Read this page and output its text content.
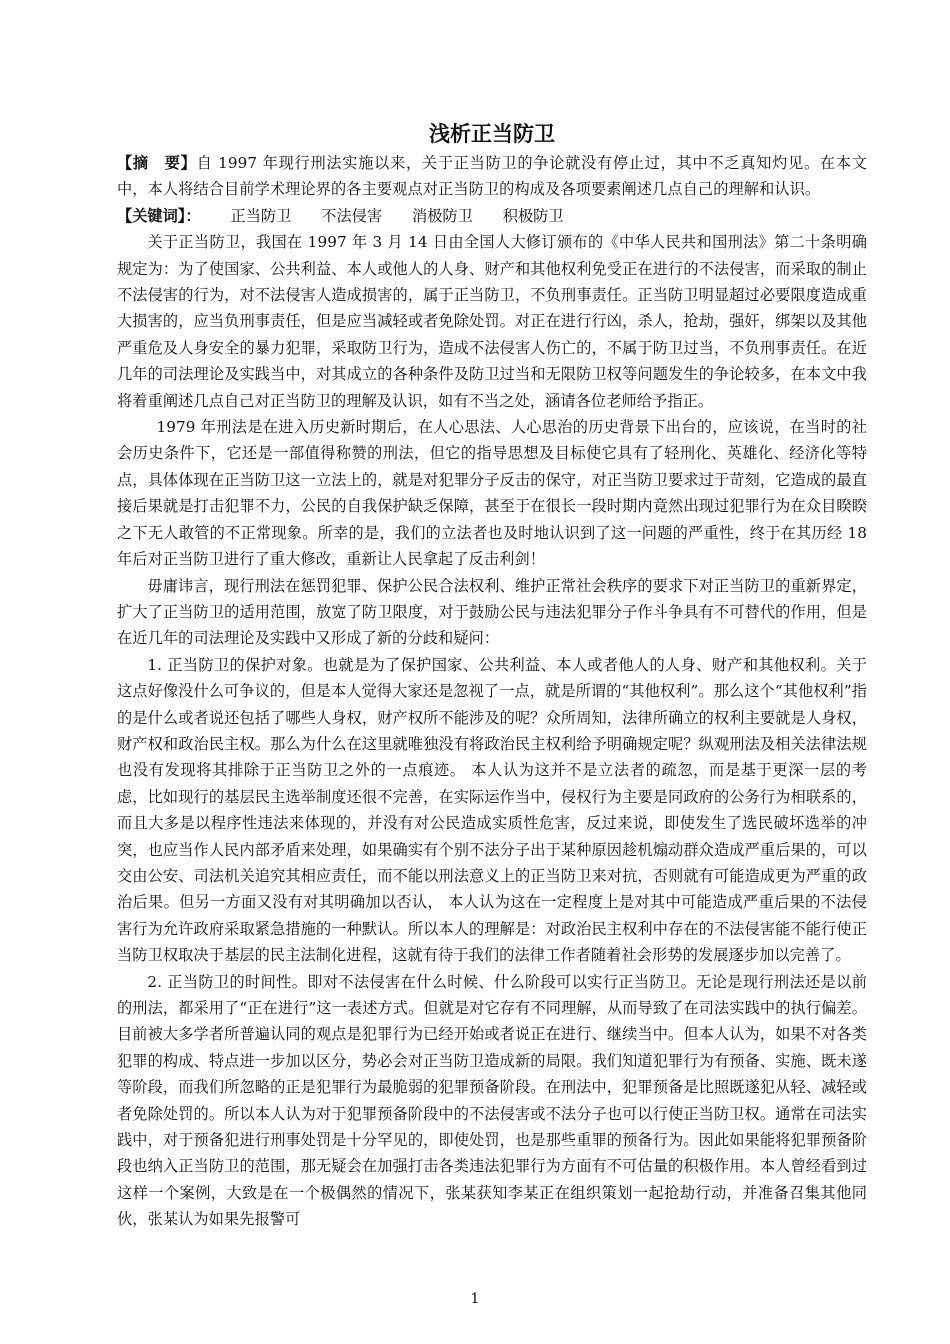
浅析正当防卫

【摘　要】自 1997 年现行刑法实施以来，关于正当防卫的争论就没有停止过，其中不乏真知灼见。在本文中，本人将结合目前学术理论界的各主要观点对正当防卫的构成及各项要素阐述几点自己的理解和认识。

【关键词】： 正当防卫 不法侵害 消极防卫 积极防卫

关于正当防卫，我国在 1997 年 3 月 14 日由全国人大修订颁布的《中华人民共和国刑法》第二十条明确规定为：为了使国家、公共利益、本人或他人的人身、财产和其他权利免受正在进行的不法侵害，而采取的制止不法侵害的行为，对不法侵害人造成损害的，属于正当防卫，不负刑事责任。正当防卫明显超过必要限度造成重大损害的，应当负刑事责任，但是应当减轻或者免除处罚。对正在进行行凶，杀人，抢劫，强奸，绑架以及其他严重危及人身安全的暴力犯罪，采取防卫行为，造成不法侵害人伤亡的，不属于防卫过当，不负刑事责任。在近几年的司法理论及实践当中，对其成立的各种条件及防卫过当和无限防卫权等问题发生的争论较多，在本文中我将着重阐述几点自己对正当防卫的理解及认识，如有不当之处，涵请各位老师给予指正。

1979 年刑法是在进入历史新时期后，在人心思法、人心思治的历史背景下出台的，应该说，在当时的社会历史条件下，它还是一部值得称赞的刑法，但它的指导思想及目标使它具有了轻刑化、英雄化、经济化等特点，具体体现在正当防卫这一立法上的，就是对犯罪分子反击的保守，对正当防卫要求过于苛刻，它造成的最直接后果就是打击犯罪不力，公民的自我保护缺乏保障，甚至于在很长一段时期内竟然出现过犯罪行为在众目睽睽之下无人敢管的不正常现象。所幸的是，我们的立法者也及时地认识到了这一问题的严重性，终于在其历经 18 年后对正当防卫进行了重大修改，重新让人民拿起了反击利剑！

毋庸讳言，现行刑法在惩罚犯罪、保护公民合法权利、维护正常社会秩序的要求下对正当防卫的重新界定，扩大了正当防卫的适用范围，放宽了防卫限度，对于鼓励公民与违法犯罪分子作斗争具有不可替代的作用，但是在近几年的司法理论及实践中又形成了新的分歧和疑问：

1. 正当防卫的保护对象。也就是为了保护国家、公共利益、本人或者他人的人身、财产和其他权利。关于这点好像没什么可争议的，但是本人觉得大家还是忽视了一点，就是所谓的“其他权利”。那么这个“其他权利”指的是什么或者说还包括了哪些人身权，财产权所不能涉及的呢？众所周知，法律所确立的权利主要就是人身权，财产权和政治民主权。那么为什么在这里就唯独没有将政治民主权利给予明确规定呢？纵观刑法及相关法律法规也没有发现将其排除于正当防卫之外的一点痕迹。 本人认为这并不是立法者的疏忽，而是基于更深一层的考虑，比如现行的基层民主选举制度还很不完善，在实际运作当中，侵权行为主要是同政府的公务行为相联系的，而且大多是以程序性违法来体现的，并没有对公民造成实质性危害，反过来说，即使发生了选民破坏选举的冲突，也应当作人民内部矛盾来处理，如果确实有个别不法分子出于某种原因趁机煽动群众造成严重后果的，可以交由公安、司法机关追究其相应责任，而不能以刑法意义上的正当防卫来对抗，否则就有可能造成更为严重的政治后果。但另一方面又没有对其明确加以否认， 本人认为这在一定程度上是对其中可能造成严重后果的不法侵害行为允许政府采取紧急措施的一种默认。所以本人的理解是：对政治民主权利中存在的不法侵害能不能行使正当防卫权取决于基层的民主法制化进程，这就有待于我们的法律工作者随着社会形势的发展逐步加以完善了。

2. 正当防卫的时间性。即对不法侵害在什么时候、什么阶段可以实行正当防卫。无论是现行刑法还是以前的刑法，都采用了“正在进行”这一表述方式。但就是对它存有不同理解，从而导致了在司法实践中的执行偏差。目前被大多学者所普遍认同的观点是犯罪行为已经开始或者说正在进行、继续当中。但本人认为，如果不对各类犯罪的构成、特点进一步加以区分，势必会对正当防卫造成新的局限。我们知道犯罪行为有预备、实施、既未遂等阶段，而我们所忽略的正是犯罪行为最脆弱的犯罪预备阶段。在刑法中，犯罪预备是比照既遂犯从轻、减轻或者免除处罚的。所以本人认为对于犯罪预备阶段中的不法侵害或不法分子也可以行使正当防卫权。通常在司法实践中，对于预备犯进行刑事处罚是十分罕见的，即使处罚，也是那些重罪的预备行为。因此如果能将犯罪预备阶段也纳入正当防卫的范围，那无疑会在加强打击各类违法犯罪行为方面有不可估量的积极作用。本人曾经看到过这样一个案例，大致是在一个极偶然的情况下，张某获知李某正在组织策划一起抢劫行动，并准备召集其他同伙，张某认为如果先报警可

1
